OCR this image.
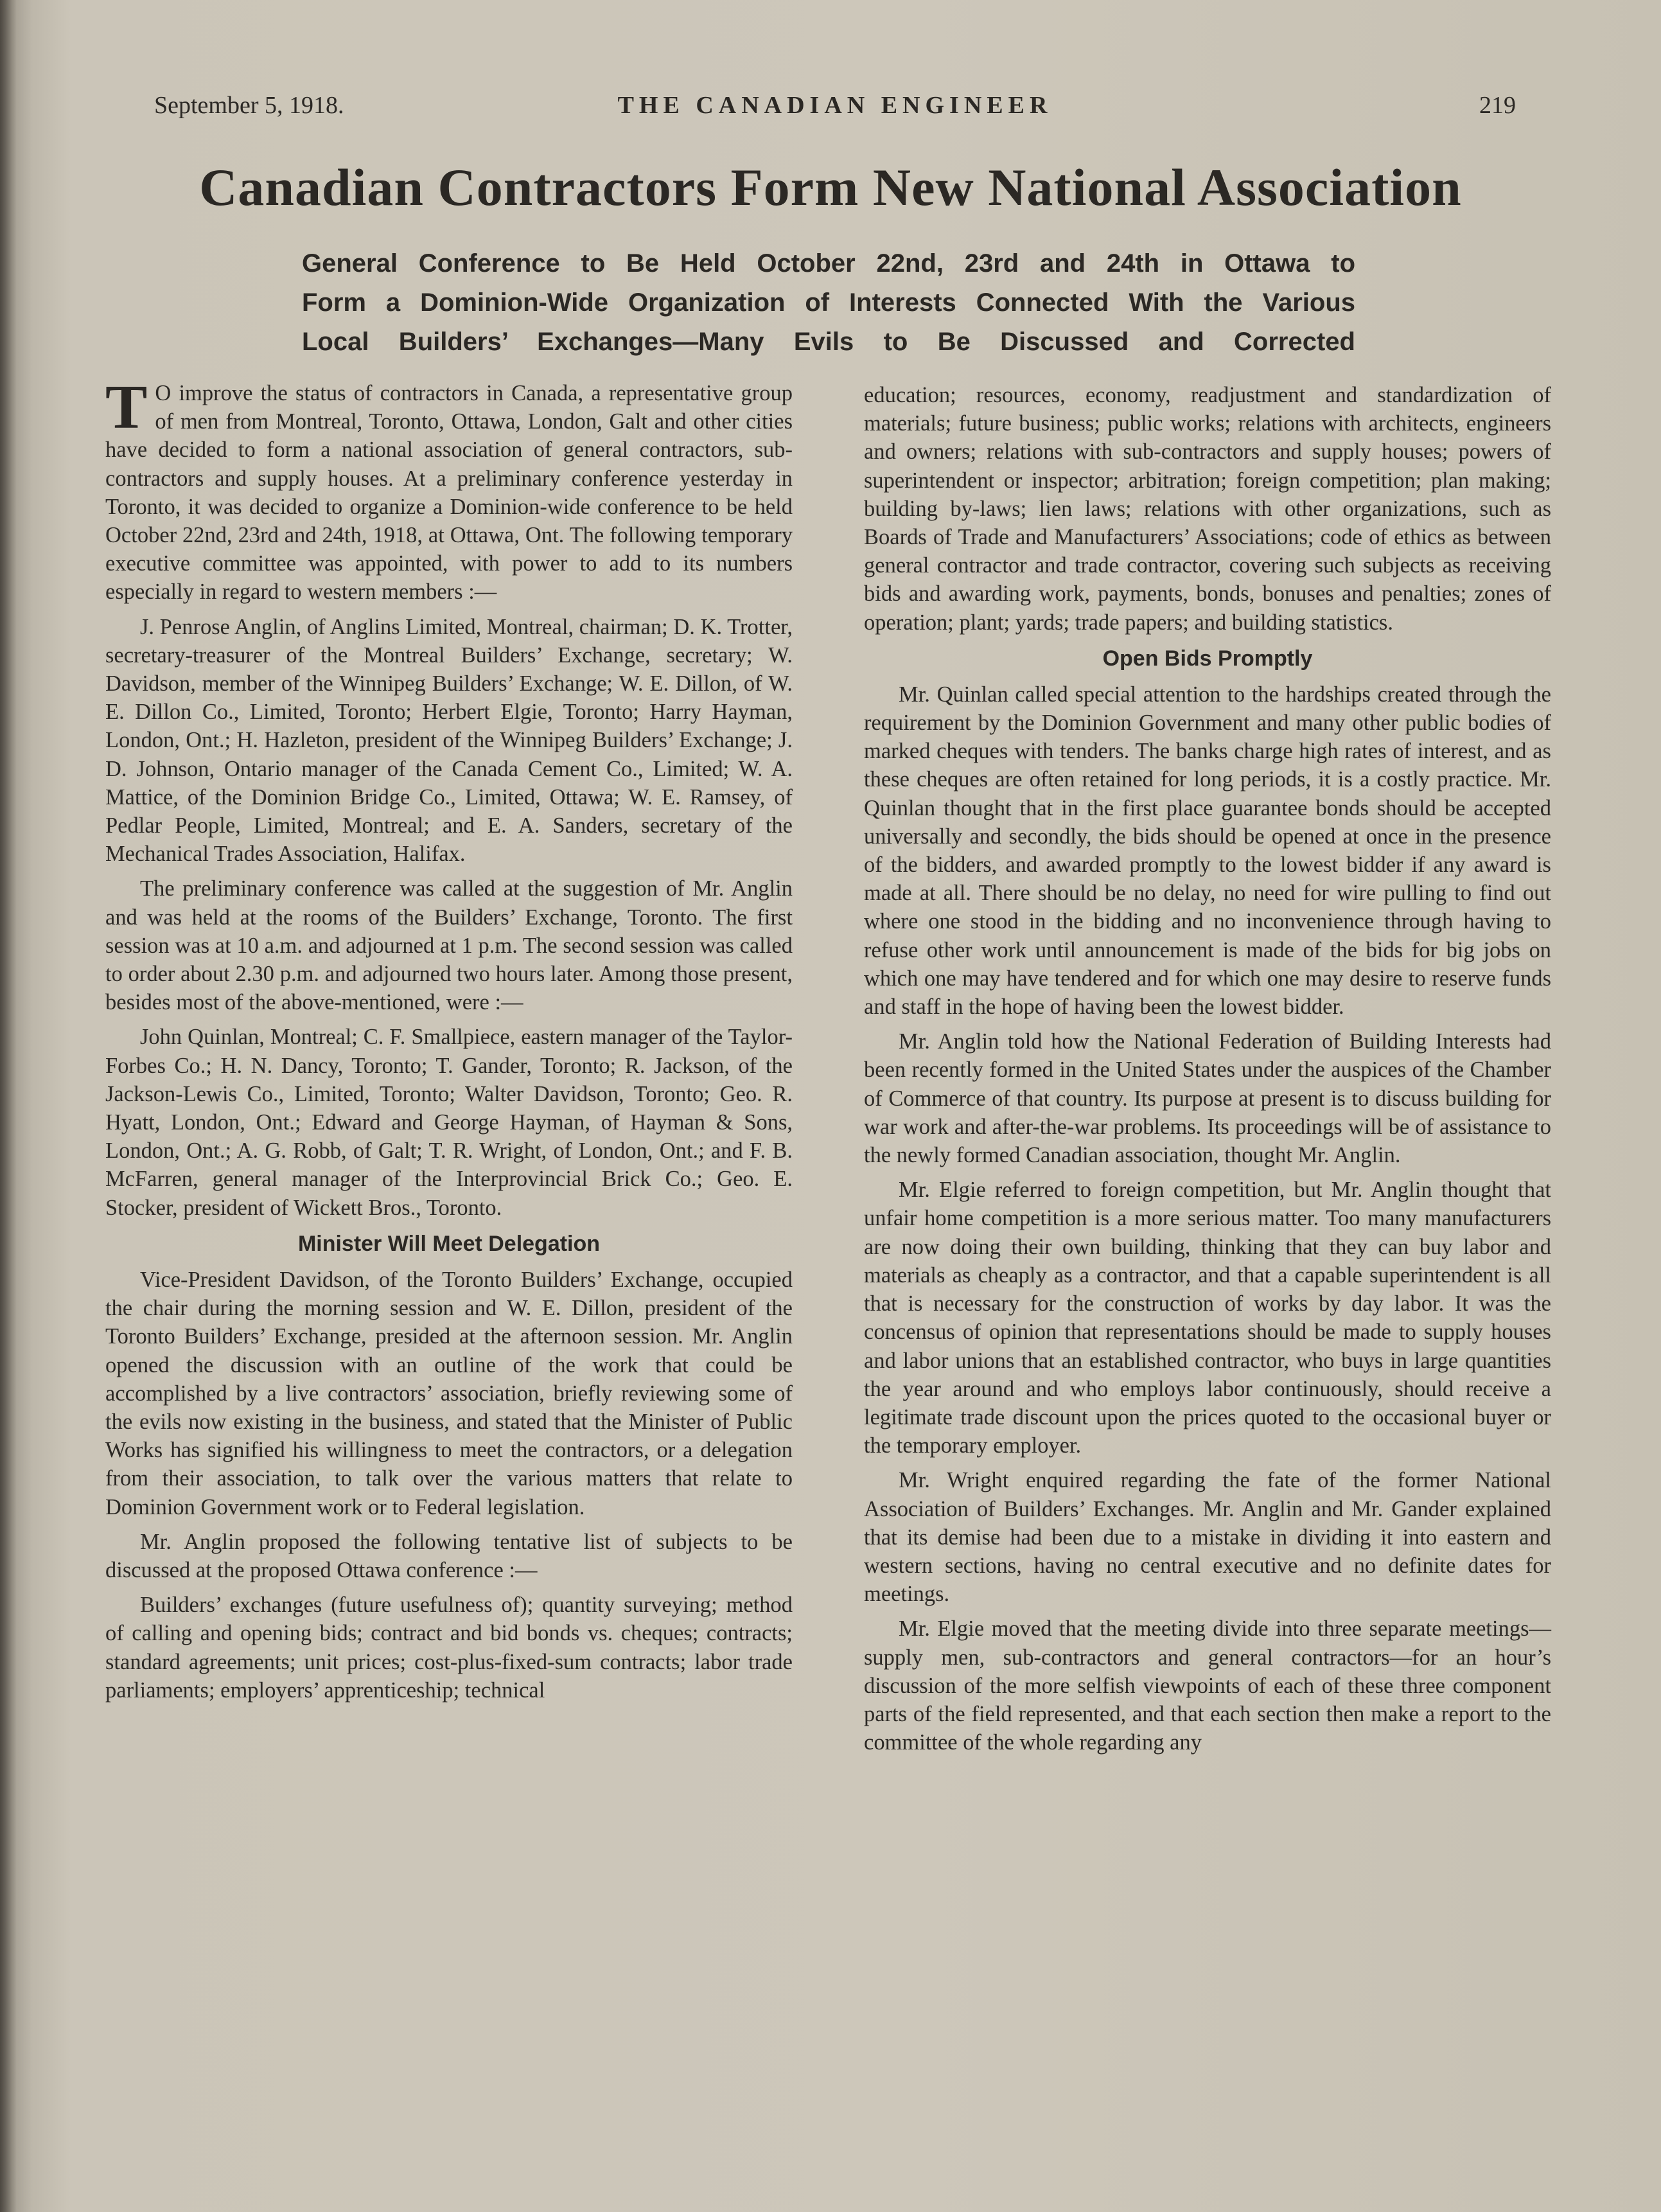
September 5, 1918.	THE CANADIAN ENGINEER	219
Canadian Contractors Form New National Association
General Conference to Be Held October 22nd, 23rd and 24th in Ottawa to
Form a Dominion-Wide Organization of Interests Connected With the Various
Local Builders’ Exchanges—Many Evils to Be Discussed and Corrected

T O improve the status of contractors in Canada, a representative group of men from Montreal, Toronto, Ottawa, London, Galt and other cities have decided to form a national association of general contractors, sub-contractors and supply houses. At a preliminary conference yesterday in Toronto, it was decided to organize a Dominion-wide conference to be held October 22nd, 23rd and 24th, 1918, at Ottawa, Ont. The following temporary executive committee was appointed, with power to add to its numbers especially in regard to western members :—

J. Penrose Anglin, of Anglins Limited, Montreal, chairman; D. K. Trotter, secretary-treasurer of the Montreal Builders’ Exchange, secretary; W. Davidson, member of the Winnipeg Builders’ Exchange; W. E. Dillon, of W. E. Dillon Co., Limited, Toronto; Herbert Elgie, Toronto; Harry Hayman, London, Ont.; H. Hazleton, president of the Winnipeg Builders’ Exchange; J. D. Johnson, Ontario manager of the Canada Cement Co., Limited; W. A. Mattice, of the Dominion Bridge Co., Limited, Ottawa; W. E. Ramsey, of Pedlar People, Limited, Montreal; and E. A. Sanders, secretary of the Mechanical Trades Association, Halifax.

The preliminary conference was called at the suggestion of Mr. Anglin and was held at the rooms of the Builders’ Exchange, Toronto. The first session was at 10 a.m. and adjourned at 1 p.m. The second session was called to order about 2.30 p.m. and adjourned two hours later. Among those present, besides most of the above-mentioned, were :—

John Quinlan, Montreal; C. F. Smallpiece, eastern manager of the Taylor-Forbes Co.; H. N. Dancy, Toronto; T. Gander, Toronto; R. Jackson, of the Jackson-Lewis Co., Limited, Toronto; Walter Davidson, Toronto; Geo. R. Hyatt, London, Ont.; Edward and George Hayman, of Hayman & Sons, London, Ont.; A. G. Robb, of Galt; T. R. Wright, of London, Ont.; and F. B. McFarren, general manager of the Interprovincial Brick Co.; Geo. E. Stocker, president of Wickett Bros., Toronto.

Minister Will Meet Delegation

Vice-President Davidson, of the Toronto Builders’ Exchange, occupied the chair during the morning session and W. E. Dillon, president of the Toronto Builders’ Exchange, presided at the afternoon session. Mr. Anglin opened the discussion with an outline of the work that could be accomplished by a live contractors’ association, briefly reviewing some of the evils now existing in the business, and stated that the Minister of Public Works has signified his willingness to meet the contractors, or a delegation from their association, to talk over the various matters that relate to Dominion Government work or to Federal legislation.

Mr. Anglin proposed the following tentative list of subjects to be discussed at the proposed Ottawa conference :—

Builders’ exchanges (future usefulness of); quantity surveying; method of calling and opening bids; contract and bid bonds vs. cheques; contracts; standard agreements; unit prices; cost-plus-fixed-sum contracts; labor trade parliaments; employers’ apprenticeship; technical

education; resources, economy, readjustment and standardization of materials; future business; public works; relations with architects, engineers and owners; relations with sub-contractors and supply houses; powers of superintendent or inspector; arbitration; foreign competition; plan making; building by-laws; lien laws; relations with other organizations, such as Boards of Trade and Manufacturers’ Associations; code of ethics as between general contractor and trade contractor, covering such subjects as receiving bids and awarding work, payments, bonds, bonuses and penalties; zones of operation; plant; yards; trade papers; and building statistics.

Open Bids Promptly

Mr. Quinlan called special attention to the hardships created through the requirement by the Dominion Government and many other public bodies of marked cheques with tenders. The banks charge high rates of interest, and as these cheques are often retained for long periods, it is a costly practice. Mr. Quinlan thought that in the first place guarantee bonds should be accepted universally and secondly, the bids should be opened at once in the presence of the bidders, and awarded promptly to the lowest bidder if any award is made at all. There should be no delay, no need for wire pulling to find out where one stood in the bidding and no inconvenience through having to refuse other work until announcement is made of the bids for big jobs on which one may have tendered and for which one may desire to reserve funds and staff in the hope of having been the lowest bidder.

Mr. Anglin told how the National Federation of Building Interests had been recently formed in the United States under the auspices of the Chamber of Commerce of that country. Its purpose at present is to discuss building for war work and after-the-war problems. Its proceedings will be of assistance to the newly formed Canadian association, thought Mr. Anglin.

Mr. Elgie referred to foreign competition, but Mr. Anglin thought that unfair home competition is a more serious matter. Too many manufacturers are now doing their own building, thinking that they can buy labor and materials as cheaply as a contractor, and that a capable superintendent is all that is necessary for the construction of works by day labor. It was the concensus of opinion that representations should be made to supply houses and labor unions that an established contractor, who buys in large quantities the year around and who employs labor continuously, should receive a legitimate trade discount upon the prices quoted to the occasional buyer or the temporary employer.

Mr. Wright enquired regarding the fate of the former National Association of Builders’ Exchanges. Mr. Anglin and Mr. Gander explained that its demise had been due to a mistake in dividing it into eastern and western sections, having no central executive and no definite dates for meetings.

Mr. Elgie moved that the meeting divide into three separate meetings—supply men, sub-contractors and general contractors—for an hour’s discussion of the more selfish viewpoints of each of these three component parts of the field represented, and that each section then make a report to the committee of the whole regarding any
